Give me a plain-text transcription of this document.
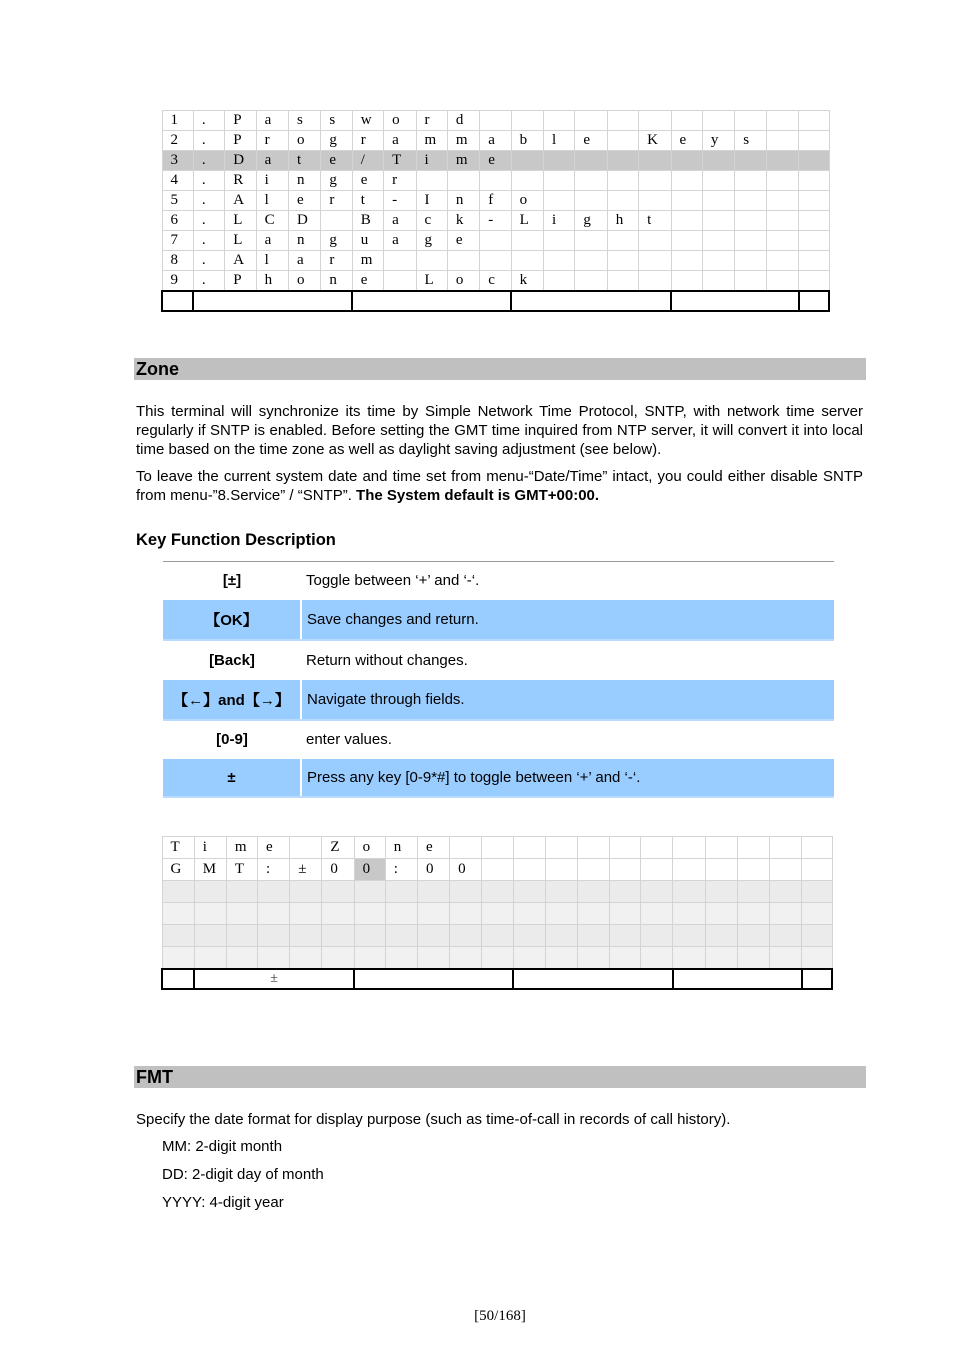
1	.	P	a	s	s	w	o	r	d											
2	.	P	r	o	g	r	a	m	m	a	b	l	e		K	e	y	s		
3	.	D	a	t	e	/	T	i	m	e										
4	.	R	i	n	g	e	r													
5	.	A	l	e	r	t	-	I	n	f	o									
6	.	L	C	D		B	a	c	k	-	L	i	g	h	t					
7	.	L	a	n	g	u	a	g	e											
8	.	A	l	a	r	m														
9	.	P	h	o	n	e		L	o	c	k									

Zone
This terminal will synchronize its time by Simple Network Time Protocol, SNTP, with network time server regularly if SNTP is enabled. Before setting the GMT time inquired from NTP server, it will convert it into local time based on the time zone as well as daylight saving adjustment (see below).
To leave the current system date and time set from menu-“Date/Time” intact, you could either disable SNTP from menu-”8.Service” / “SNTP”. The System default is GMT+00:00.
Key Function Description
[±]	Toggle between ‘+’ and ‘-‘.
【OK】	Save changes and return.
[Back]	Return without changes.
【←】and【→】	Navigate through fields.
[0-9]	enter values.
±	Press any key [0-9*#] to toggle between ‘+’ and ‘-‘.
T	i	m	e		Z	o	n	e												
G	M	T	:	±	0	0	:	0	0											

	±																			
FMT
Specify the date format for display purpose (such as time-of-call in records of call history).
MM: 2-digit month
DD: 2-digit day of month
YYYY: 4-digit year
[50/168]
